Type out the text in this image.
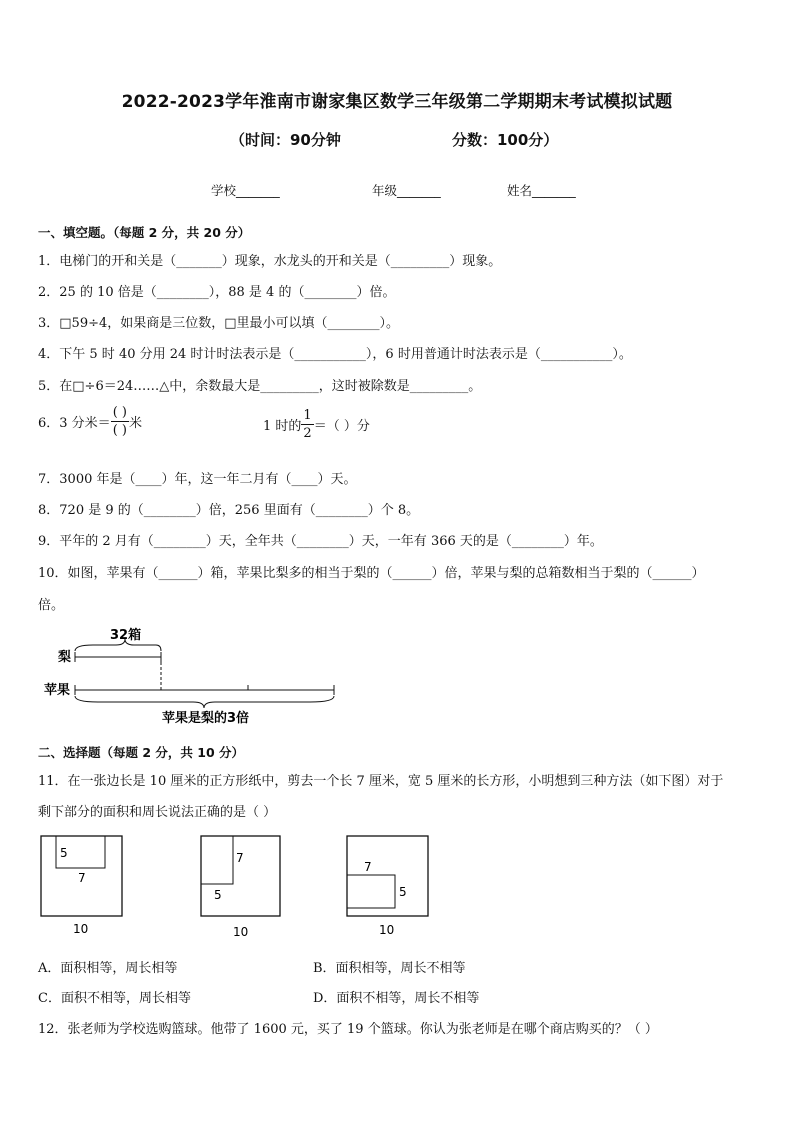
2022-2023学年淮南市谢家集区数学三年级第二学期期末考试模拟试题
（时间：90分钟	分数：100分）
学校_______	年级_______	姓名_______
一、填空题。（每题 2 分，共 20 分）
1．电梯门的开和关是（_______）现象，水龙头的开和关是（_________）现象。
2．25 的 10 倍是（________），88 是 4 的（________）倍。
3．□59÷4，如果商是三位数，□里最小可以填（________）。
4．下午 5 时 40 分用 24 时计时法表示是（___________），6 时用普通计时法表示是（___________）。
5．在□÷6＝24……△中，余数最大是_________，这时被除数是_________。
6．3 分米＝ $\frac{( )}{( )}$ 米	1 时的 $\frac{1}{2}$ ＝（ ）分
7．3000 年是（____）年，这一年二月有（____）天。
8．720 是 9 的（________）倍，256 里面有（________）个 8。
9．平年的 2 月有（________）天，全年共（________）天，一年有 366 天的是（________）年。
10．如图，苹果有（______）箱，苹果比梨多的相当于梨的（______）倍，苹果与梨的总箱数相当于梨的（______）
倍。
32箱
梨
苹果
苹果是梨的3倍
二、选择题（每题 2 分，共 10 分）
11．在一张边长是 10 厘米的正方形纸中，剪去一个长 7 厘米，宽 5 厘米的长方形，小明想到三种方法（如下图）对于
剩下部分的面积和周长说法正确的是（ ）
5
7
10
7
5
10
7
5
10
A．面积相等，周长相等	B．面积相等，周长不相等
C．面积不相等，周长相等	D．面积不相等，周长不相等
12．张老师为学校选购篮球。他带了 1600 元，买了 19 个篮球。你认为张老师是在哪个商店购买的？（ ）
